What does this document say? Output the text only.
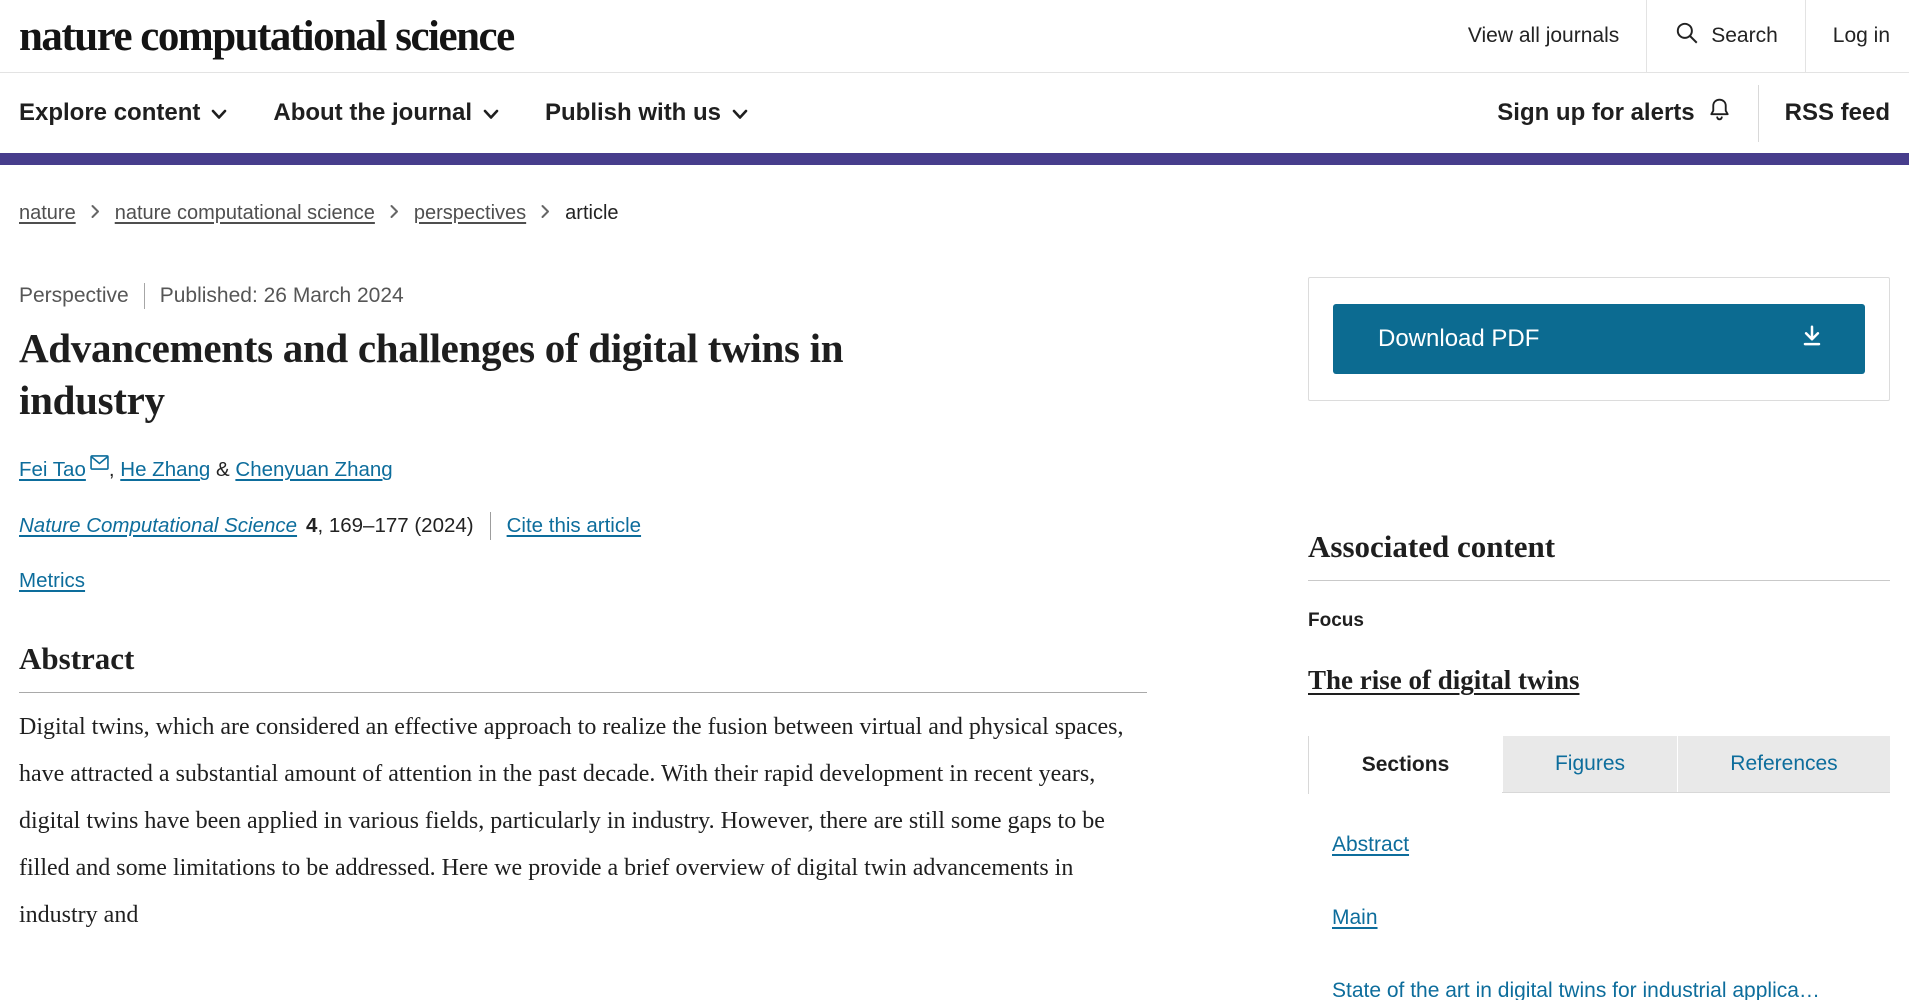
nature computational science	View all journals	Search	Log in
Explore content	About the journal	Publish with us	Sign up for alerts	RSS feed
nature nature computational science perspectives article
Perspective Published: 26 March 2024
Advancements and challenges of digital twins in industry
Fei Tao , He Zhang & Chenyuan Zhang
Nature Computational Science 4 , 169–177 (2024) Cite this article
Metrics
Abstract

Digital twins, which are considered an effective approach to realize the fusion between virtual and physical spaces, have attracted a substantial amount of attention in the past decade. With their rapid development in recent years, digital twins have been applied in various fields, particularly in industry. However, there are still some gaps to be filled and some limitations to be addressed. Here we provide a brief overview of digital twin advancements in industry and

Download PDF
Associated content
Focus
The rise of digital twins
Sections	Figures	References
Abstract
Main
State of the art in digital twins for industrial applica…
